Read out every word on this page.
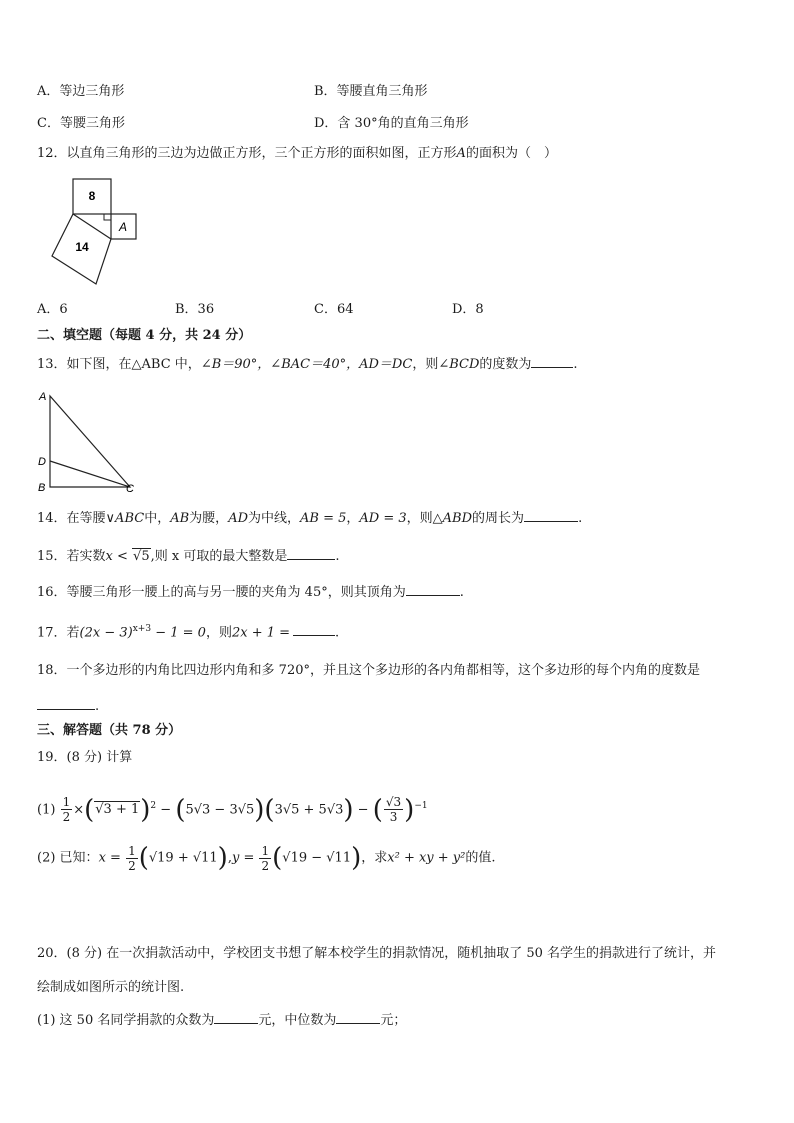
A．等边三角形	B．等腰直角三角形
C．等腰三角形	D．含 30°角的直角三角形
12．以直角三角形的三边为边做正方形，三个正方形的面积如图，正方形A的面积为（　）
8
A
14
A．6	B．36	C．64	D．8
二、填空题（每题 4 分，共 24 分）
13．如下图，在△ABC 中，∠B＝90°，∠BAC＝40°，AD＝DC，则∠BCD的度数为	.
A
D
B	C
14．在等腰∨ABC中，AB为腰，AD为中线，AB = 5，AD = 3，则△ABD的周长为	.
15．若实数x < √5,则 x 可取的最大整数是	.
16．等腰三角形一腰上的高与另一腰的夹角为 45°，则其顶角为	.
17．若$(2x - 3)^{x+3} - 1 = 0$，则2x + 1 =	.
18．一个多边形的内角比四边形内角和多 720°，并且这个多边形的各内角都相等，这个多边形的每个内角的度数是
.
三、解答题（共 78 分）
19．(8 分) 计算
$(1) \frac{1}{2} \times(√3 + 1)^2 - (5√3 - 3√5)(3√5 + 5√3)$ − ( $\frac{√3}{3} )^{-1}$
(2) 已知：$x = \frac{1}{2} (√19 + √11),y = \frac{1}{2} (√19 - √11)$，求x² + xy + y²的值.
20．(8 分) 在一次捐款活动中，学校团支书想了解本校学生的捐款情况，随机抽取了 50 名学生的捐款进行了统计，并
绘制成如图所示的统计图.
(1) 这 50 名同学捐款的众数为	元，中位数为	元；
